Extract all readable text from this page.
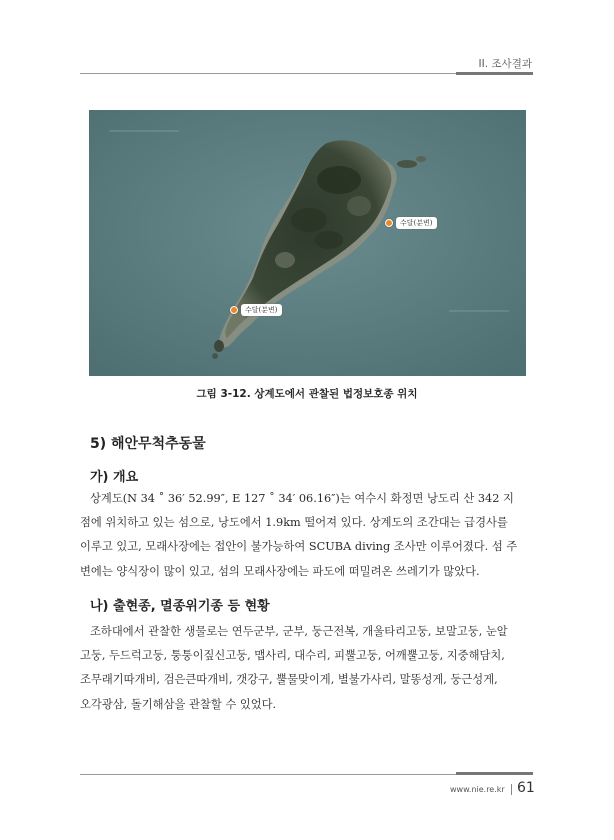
II. 조사결과
수달(분변)
수달(분변)
그림 3-12. 상계도에서 관찰된 법정보호종 위치
5) 해안무척추동물
가) 개요
상계도(N 34 ˚ 36′ 52.99″, E 127 ˚ 34′ 06.16″)는 여수시 화정면 낭도리 산 342 지
점에 위치하고 있는 섬으로, 낭도에서 1.9km 떨어져 있다. 상계도의 조간대는 급경사를
이루고 있고, 모래사장에는 접안이 불가능하여 SCUBA diving 조사만 이루어졌다. 섬 주
변에는 양식장이 많이 있고, 섬의 모래사장에는 파도에 떠밀려온 쓰레기가 많았다.
나) 출현종, 멸종위기종 등 현황
조하대에서 관찰한 생물로는 연두군부, 군부, 둥근전복, 개울타리고둥, 보말고둥, 눈알
고둥, 두드럭고둥, 퉁퉁이짚신고둥, 맵사리, 대수리, 피뿔고둥, 어깨뿔고둥, 지중해담치,
조무래기따개비, 검은큰따개비, 갯강구, 뿔물맞이게, 별불가사리, 말똥성게, 둥근성게,
오각광삼, 돌기해삼을 관찰할 수 있었다.
www.nie.re.kr 61
